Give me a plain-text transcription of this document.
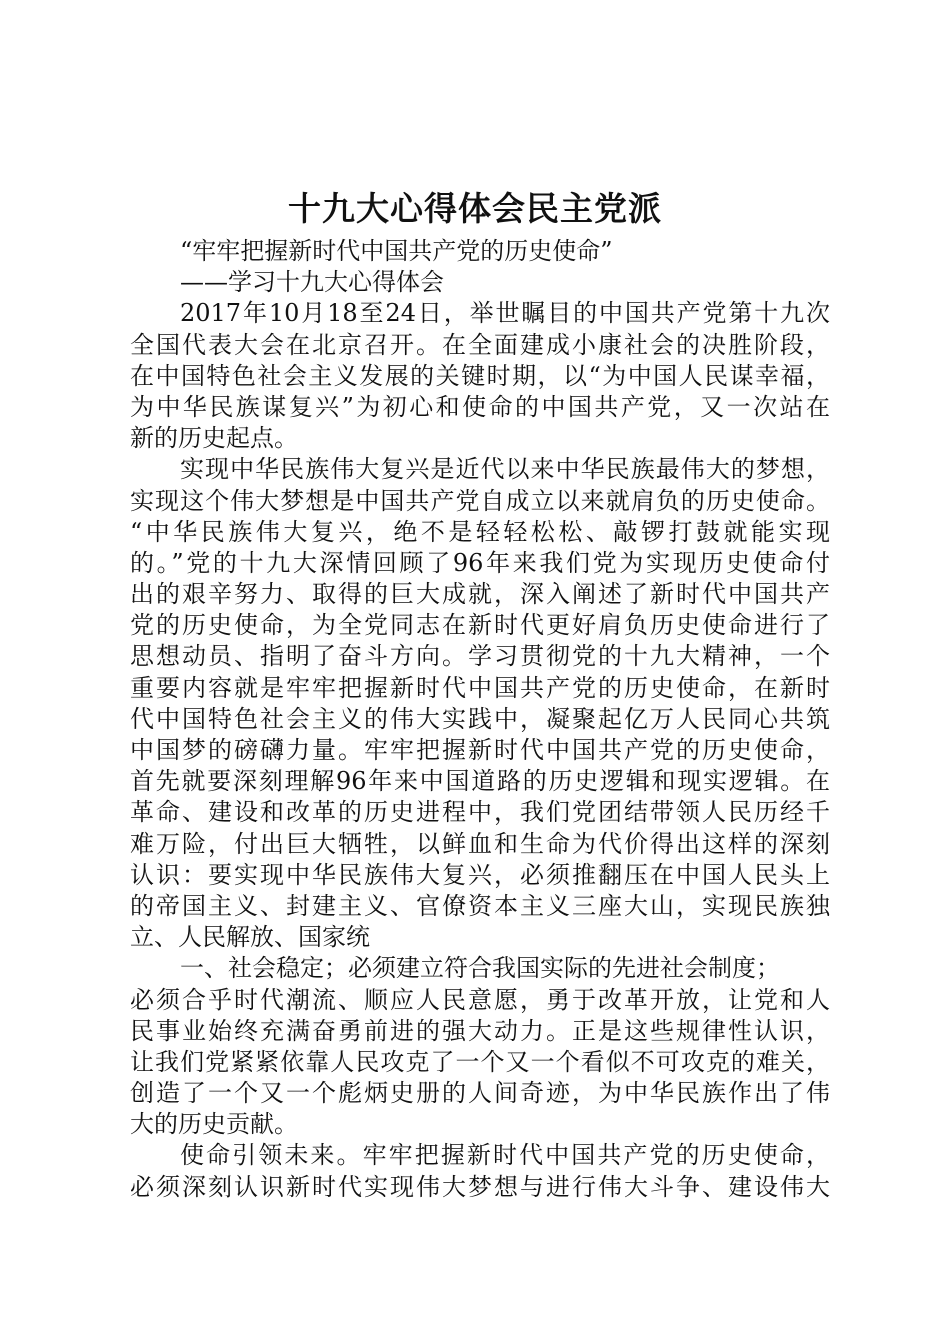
十九大心得体会民主党派
“牢牢把握新时代中国共产党的历史使命”
——学习十九大心得体会
2017年10月18至24日，举世瞩目的中国共产党第十九次
全国代表大会在北京召开。在全面建成小康社会的决胜阶段，
在中国特色社会主义发展的关键时期，以“为中国人民谋幸福，
为中华民族谋复兴”为初心和使命的中国共产党，又一次站在
新的历史起点。
实现中华民族伟大复兴是近代以来中华民族最伟大的梦想，
实现这个伟大梦想是中国共产党自成立以来就肩负的历史使命。
“中华民族伟大复兴，绝不是轻轻松松、敲锣打鼓就能实现
的。”党的十九大深情回顾了96年来我们党为实现历史使命付
出的艰辛努力、取得的巨大成就，深入阐述了新时代中国共产
党的历史使命，为全党同志在新时代更好肩负历史使命进行了
思想动员、指明了奋斗方向。学习贯彻党的十九大精神，一个
重要内容就是牢牢把握新时代中国共产党的历史使命，在新时
代中国特色社会主义的伟大实践中，凝聚起亿万人民同心共筑
中国梦的磅礴力量。牢牢把握新时代中国共产党的历史使命，
首先就要深刻理解96年来中国道路的历史逻辑和现实逻辑。在
革命、建设和改革的历史进程中，我们党团结带领人民历经千
难万险，付出巨大牺牲，以鲜血和生命为代价得出这样的深刻
认识：要实现中华民族伟大复兴，必须推翻压在中国人民头上
的帝国主义、封建主义、官僚资本主义三座大山，实现民族独
立、人民解放、国家统
一、社会稳定；必须建立符合我国实际的先进社会制度；
必须合乎时代潮流、顺应人民意愿，勇于改革开放，让党和人
民事业始终充满奋勇前进的强大动力。正是这些规律性认识，
让我们党紧紧依靠人民攻克了一个又一个看似不可攻克的难关，
创造了一个又一个彪炳史册的人间奇迹，为中华民族作出了伟
大的历史贡献。
使命引领未来。牢牢把握新时代中国共产党的历史使命，
必须深刻认识新时代实现伟大梦想与进行伟大斗争、建设伟大
